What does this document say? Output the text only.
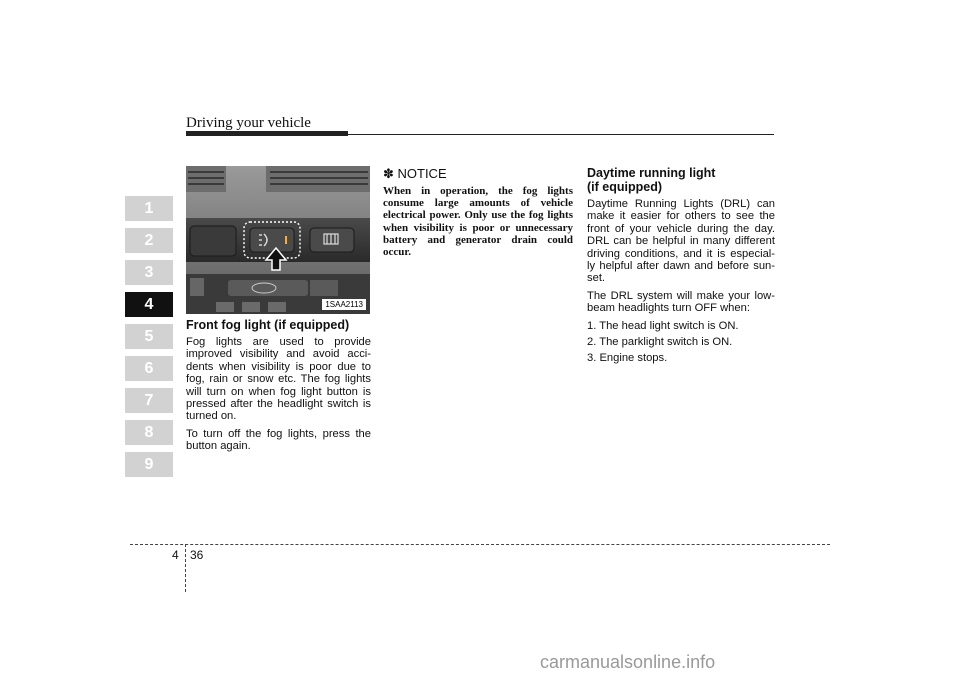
Driving your vehicle
1
2
3
4
5
6
7
8
9
1SAA2113
Front fog light (if equipped)

Fog lights are used to provide improved visibility and avoid acci- dents when visibility is poor due to fog, rain or snow etc. The fog lights will turn on when fog light button is pressed after the headlight switch is turned on.

To turn off the fog lights, press the button again.

✽ NOTICE

When in operation, the fog lights consume large amounts of vehicle electrical power. Only use the fog lights when visibility is poor or unnecessary battery and generator drain could occur.

Daytime running light
(if equipped)

Daytime Running Lights (DRL) can make it easier for others to see the front of your vehicle during the day. DRL can be helpful in many different driving conditions, and it is especial- ly helpful after dawn and before sun- set.

The DRL system will make your low- beam headlights turn OFF when:

1. The head light switch is ON.

2. The parklight switch is ON.

3. Engine stops.

4 36
carmanualsonline.info
